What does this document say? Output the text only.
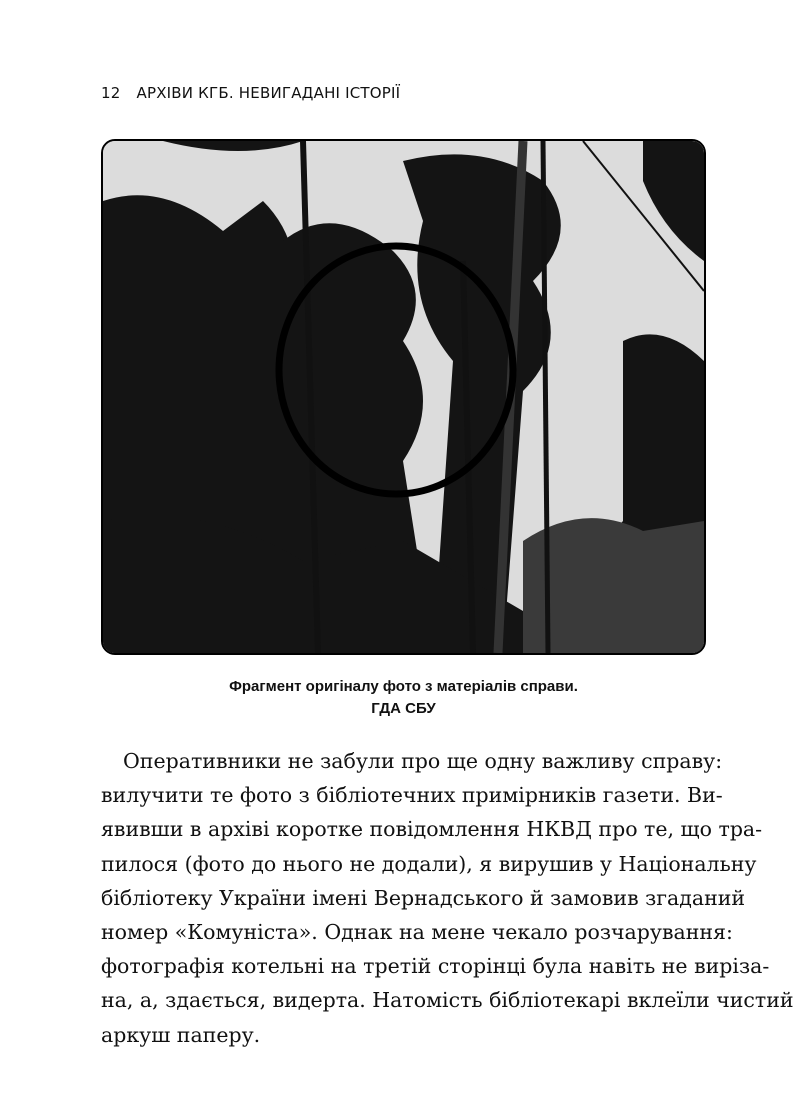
12 АРХІВИ КГБ. НЕВИГАДАНІ ІСТОРІЇ
Фрагмент оригіналу фото з матеріалів справи.
ГДА СБУ
Оперативники не забули про ще одну важливу справу:
вилучити те фото з бібліотечних примірників газети. Ви-
явивши в архіві коротке повідомлення НКВД про те, що тра-
пилося (фото до нього не додали), я вирушив у Національну
бібліотеку України імені Вернадського й замовив згаданий
номер «Комуніста». Однак на мене чекало розчарування:
фотографія котельні на третій сторінці була навіть не виріза-
на, а, здається, видерта. Натомість бібліотекарі вклеїли чистий
аркуш паперу.
